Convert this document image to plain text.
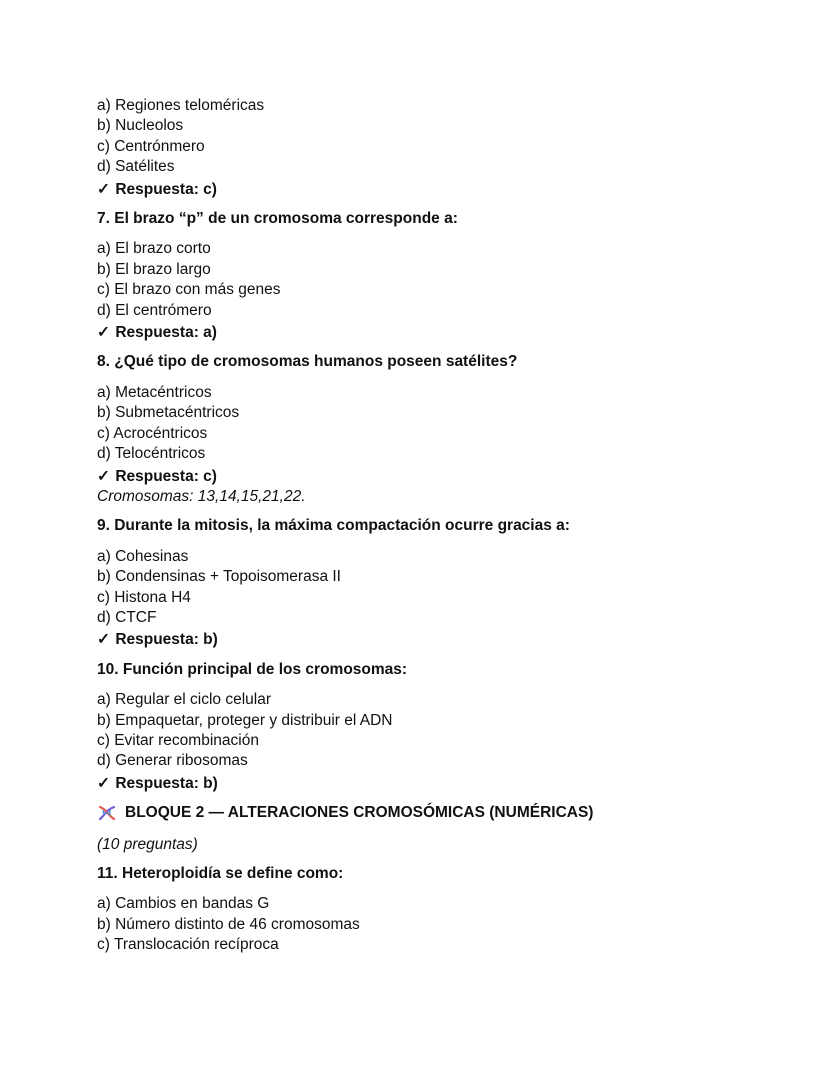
a) Regiones teloméricas
b) Nucleolos
c) Centrónmero
d) Satélites
✓ Respuesta: c)
7. El brazo “p” de un cromosoma corresponde a:
a) El brazo corto
b) El brazo largo
c) El brazo con más genes
d) El centrómero
✓ Respuesta: a)
8. ¿Qué tipo de cromosomas humanos poseen satélites?
a) Metacéntricos
b) Submetacéntricos
c) Acrocéntricos
d) Telocéntricos
✓ Respuesta: c)
Cromosomas: 13,14,15,21,22.
9. Durante la mitosis, la máxima compactación ocurre gracias a:
a) Cohesinas
b) Condensinas + Topoisomerasa II
c) Histona H4
d) CTCF
✓ Respuesta: b)
10. Función principal de los cromosomas:
a) Regular el ciclo celular
b) Empaquetar, proteger y distribuir el ADN
c) Evitar recombinación
d) Generar ribosomas
✓ Respuesta: b)
BLOQUE 2 — ALTERACIONES CROMOSÓMICAS (NUMÉRICAS)
(10 preguntas)
11. Heteroploidía se define como:
a) Cambios en bandas G
b) Número distinto de 46 cromosomas
c) Translocación recíproca
